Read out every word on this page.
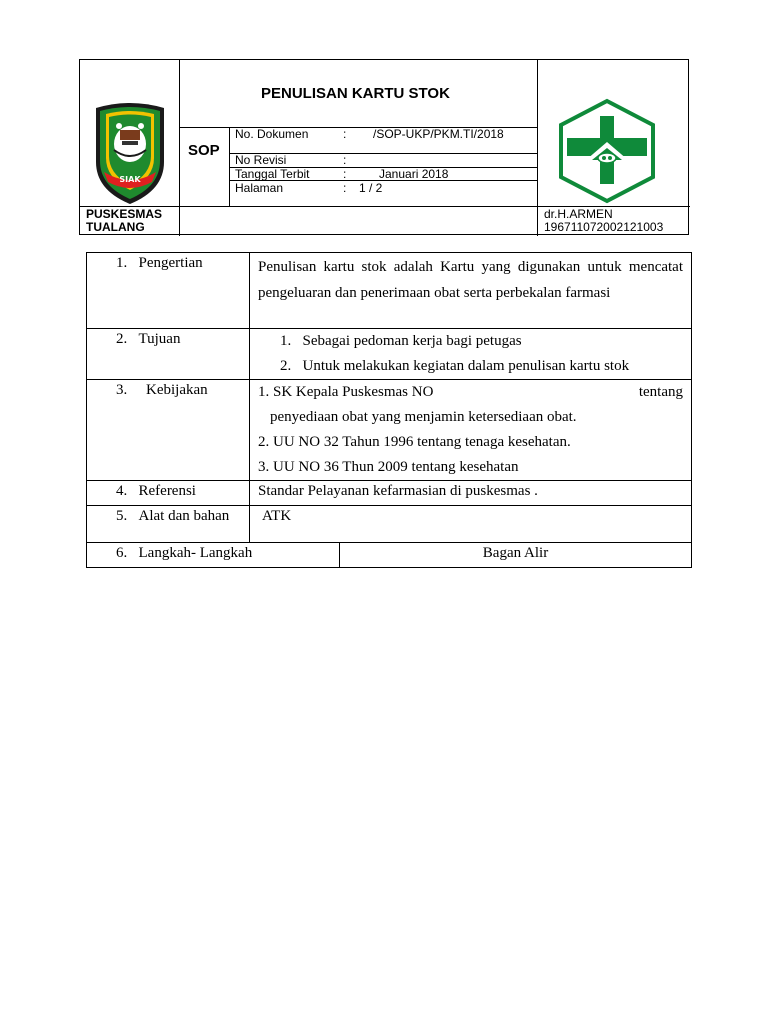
SIAK
PENULISAN KARTU STOK
SOP
No. Dokumen	: /SOP-UKP/PKM.TI/2018
No Revisi	:
Tanggal Terbit	:	Januari 2018
Halaman	: 1 / 2
PUSKESMAS
TUALANG
dr.H.ARMEN
196711072002121003
1. Pengertian	Penulisan kartu stok adalah Kartu yang digunakan untuk mencatat pengeluaran dan penerimaan obat serta perbekalan farmasi	

2. Tujuan	1. Sebagai pedoman kerja bagi petugas
2. Untuk melakukan kegiatan dalam penulisan kartu stok	

3. Kebijakan	1. SK Kepala Puskesmas NO tentang
penyediaan obat yang menjamin ketersediaan obat.
2. UU NO 32 Tahun 1996 tentang tenaga kesehatan.
3. UU NO 36 Thun 2009 tentang kesehatan	

4. Referensi	Standar Pelayanan kefarmasian di puskesmas .	

5. Alat dan bahan	ATK	

6. Langkah- Langkah		Bagan Alir
